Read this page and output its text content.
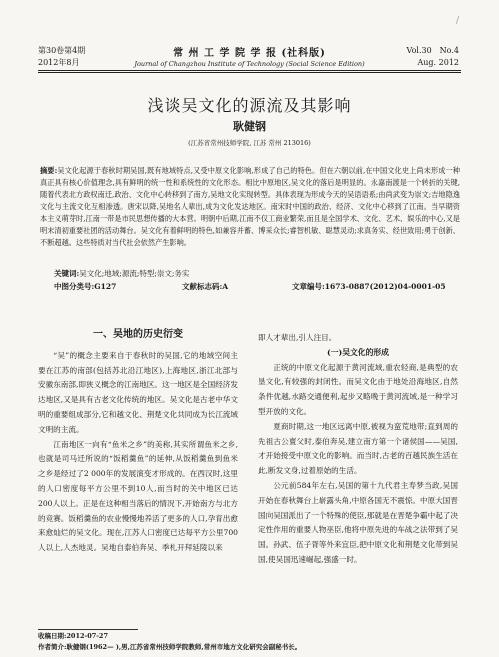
第30卷第4期
2012年8月
常 州 工 学 院 学 报 (社科版)
Journal of Changzhou Institute of Technology (Social Science Edition)
Vol.30　No.4
Aug. 2012
/
浅谈吴文化的源流及其影响
耿健钢
(江苏省常州技师学院, 江苏 常州 213016)
摘要:吴文化起源于春秋时期吴国,既有地域特点,又受中原文化影响,形成了自己的特色。但在六朝以前,在中国文化史上尚未形成一种真正具有核心价值理念,具有鲜明的统一性和系统性的文化形态。相比中原地区,吴文化的落后是明显的。永嘉南渡是一个转折的关键,随着代表北方政权南迁,政治、文化中心转移到了南方,吴地文化实现转型。具体表现为形成今天的吴语语系;由尚武变为崇文;吉地隐逸文化与主流文化互相渗透。唐宋以降,吴地名人辈出,成为文化发达地区。南宋时中国的政治、经济、文化中心移到了江南。当早期资本主义萌芽时,江南一带是市民思想传播的大本营。明朝中后期,江南不仅工商业繁荣,而且是全国学术、文化、艺术、娱乐的中心,又是明末清初重要社团的活动舞台。吴文化有着鲜明的特色,如兼容并蓄、博采众长;睿智机敏、聪慧灵动;求真务实、经世致用;勇于创新、不断超越。这些特质对当代社会依然产生影响。
关键词:吴文化;地域;源流;特型;崇文;务实
中图分类号:G127	文献标志码:A	文章编号:1673-0887(2012)04-0001-05
一、吴地的历史衍变

“吴”的概念主要来自于春秋时的吴国,它的地域空间主要在江苏的南部(包括苏北沿江地区),上海地区,浙江北部与安徽东南部,即狭义概念的江南地区。这一地区是全国经济发达地区,又是具有古老文化传统的地区。吴文化是古老中华文明的重要组成部分,它和越文化、荆楚文化共同成为长江流域文明的主流。

江南地区一向有“鱼米之乡”的美称,其实所谓鱼米之乡,也就是司马迁所说的“饭稻羹鱼”的延伸,从饭稻羹鱼到鱼米之乡是经过了2 000年的发展演变才形成的。在西汉时,这里的人口密度每平方公里不到10人,而当时的关中地区已达200人以上。正是在这种相当落后的情况下,开始南方与北方的竞赛。饭稻羹鱼的农业慢慢地养活了更多的人口,孕育出愈来愈灿烂的吴文化。现在,江苏人口密度已达每平方公里700人以上,人杰地灵。吴地自泰伯奔吴、季札开拜延陵以来

即人才辈出,引人注目。

(一)吴文化的形成

正统的中原文化起源于黄河流域,重农轻商,是典型的农垦文化,有较强的封闭性。而吴文化由于地处沿海地区,自然条件优越,水路交通便利,起步又略晚于黄河流域,是一种学习型开放的文化。

夏商时期,这一地区远离中原,被视为蛮荒地带;直到周的先祖古公亶父时,泰伯奔吴,建立南方第一个诸侯国——吴国,才开始接受中原文化的影响。而当时,古老的百越民族生活在此,断发文身,过着原始的生活。

公元前584年左右,吴国的第十九代君主寿梦当政,吴国开始在春秋舞台上崭露头角,中原各国无不震惊。中原大国晋国向吴国派出了一个特殊的使臣,那就是在晋楚争霸中起了决定性作用的重要人物巫臣,他将中原先进的车战之法带到了吴国。孙武、伍子胥等外来宜臣,把中原文化和荆楚文化带到吴国,使吴国迅速崛起,强盛一时。

收稿日期:2012-07-27
作者简介:耿健钢(1962— ),男,江苏省常州技师学院教师,常州市地方文化研究会副秘书长。
